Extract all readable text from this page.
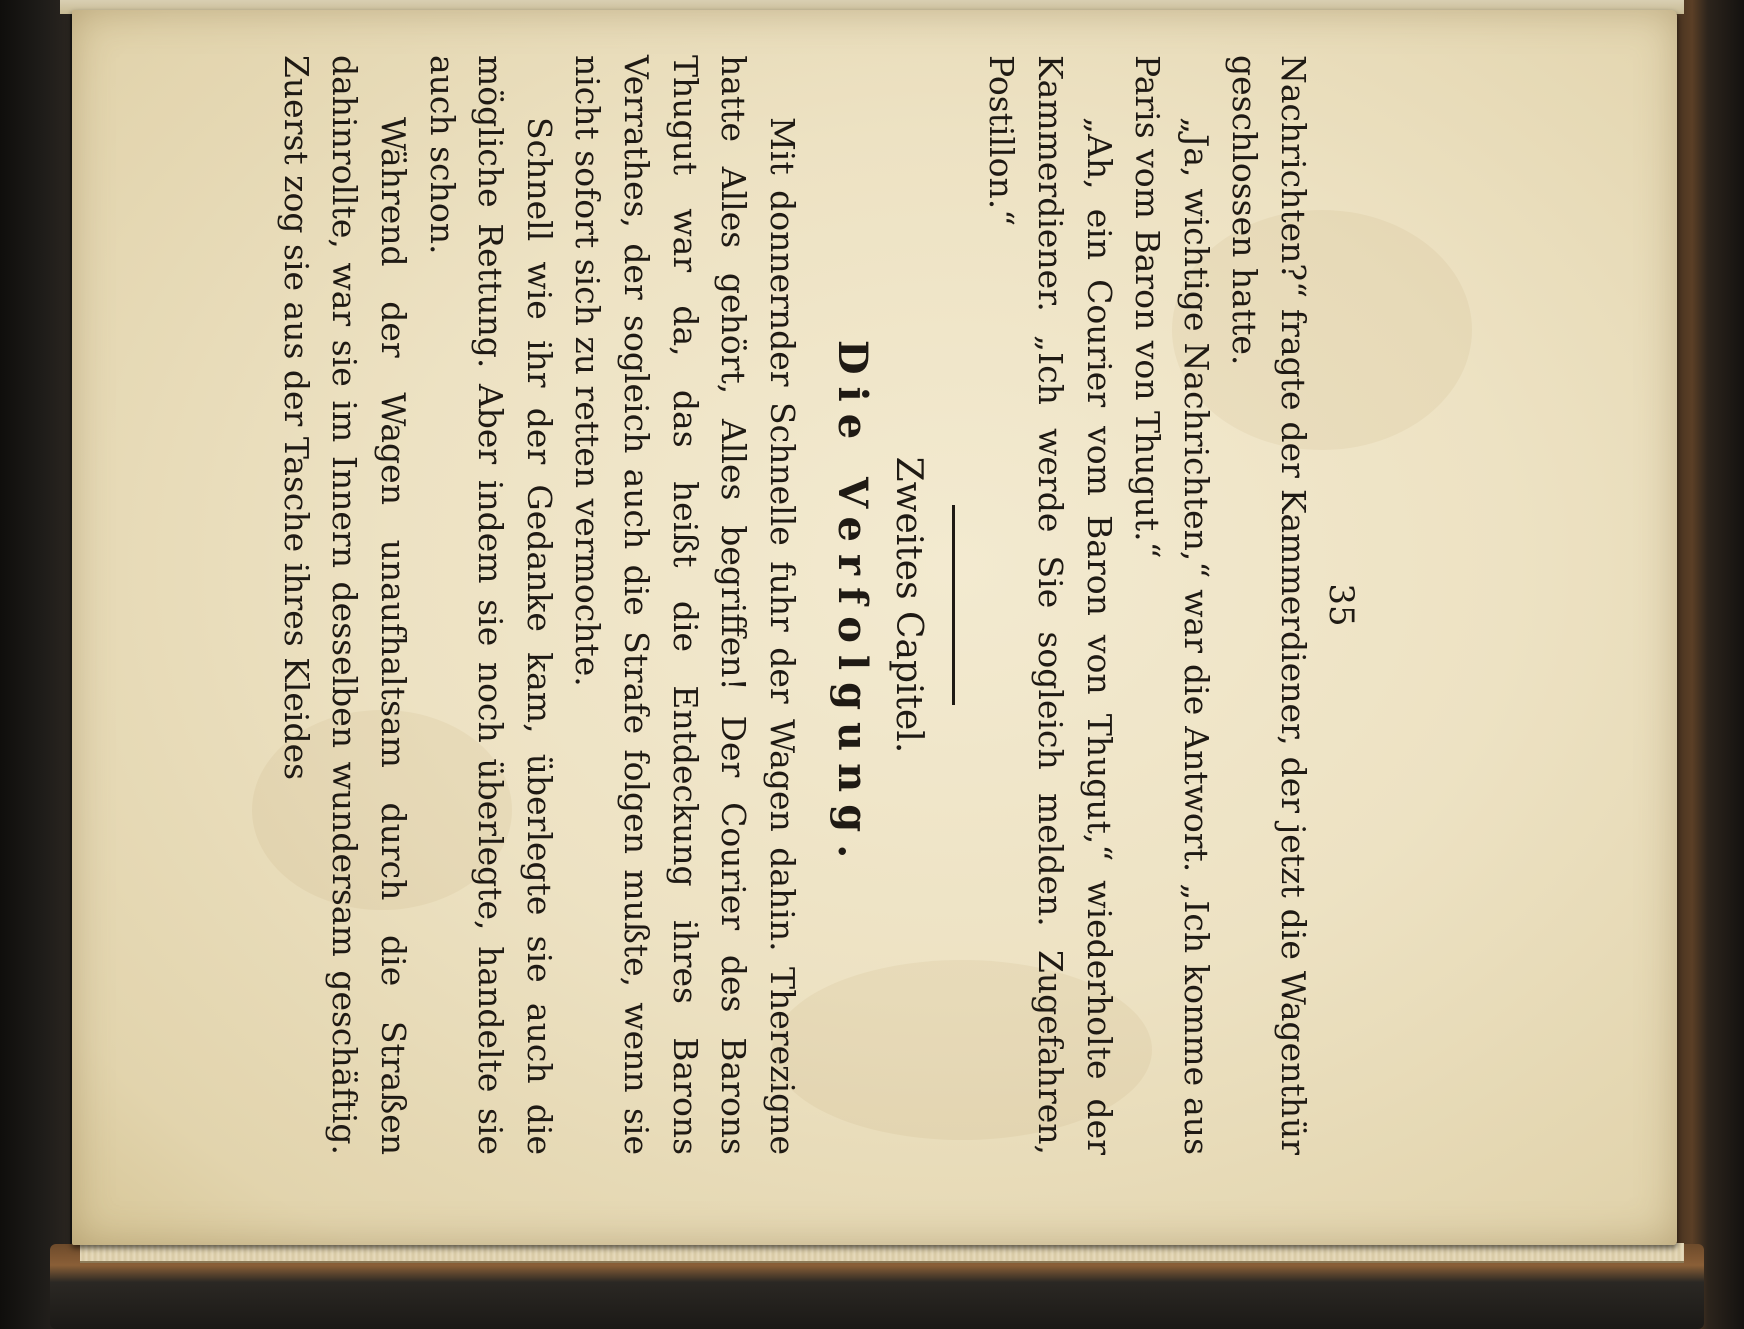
35

Nachrichten?“ fragte der Kammerdiener, der jetzt die Wagenthür geschlossen hatte.

„Ja, wichtige Nachrichten,“ war die Antwort. „Ich komme aus Paris vom Baron von Thugut.“

„Ah, ein Courier vom Baron von Thugut,“ wiederholte der Kammerdiener. „Ich werde Sie sogleich melden. Zugefahren, Postillon.“

Zweites Capitel.
Die Verfolgung.

Mit donnernder Schnelle fuhr der Wagen dahin. Therezigne hatte Alles gehört, Alles begriffen! Der Courier des Barons Thugut war da, das heißt die Entdeckung ihres Barons Verrathes, der sogleich auch die Strafe folgen mußte, wenn sie nicht sofort sich zu retten vermochte.

Schnell wie ihr der Gedanke kam, überlegte sie auch die mögliche Rettung. Aber indem sie noch überlegte, handelte sie auch schon.

Während der Wagen unaufhaltsam durch die Straßen dahinrollte, war sie im Innern desselben wundersam geschäftig. Zuerst zog sie aus der Tasche ihres Kleides
